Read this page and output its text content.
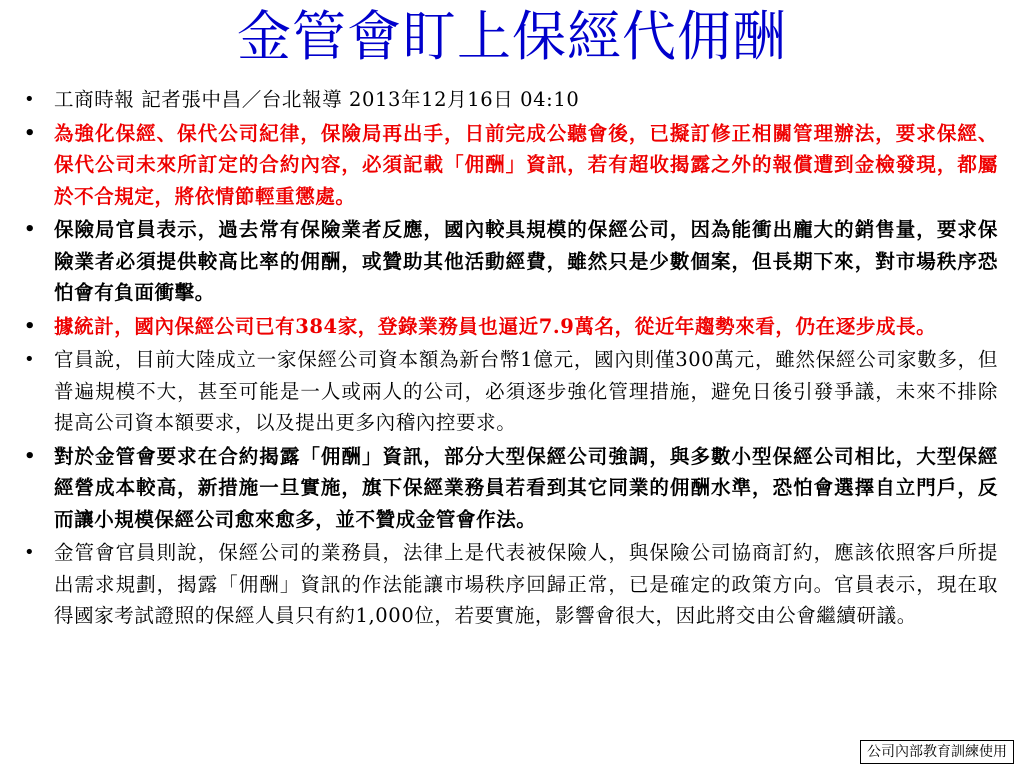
金管會盯上保經代佣酬
• 工商時報 記者張中昌／台北報導 2013年12月16日 04:10
• 為強化保經、保代公司紀律，保險局再出手，日前完成公聽會後，已擬訂修正相關管理辦法，要求保經、保代公司未來所訂定的合約內容，必須記載「佣酬」資訊，若有超收揭露之外的報償遭到金檢發現，都屬於不合規定，將依情節輕重懲處。
• 保險局官員表示，過去常有保險業者反應，國內較具規模的保經公司，因為能衝出龐大的銷售量，要求保險業者必須提供較高比率的佣酬，或贊助其他活動經費，雖然只是少數個案，但長期下來，對市場秩序恐怕會有負面衝擊。
• 據統計，國內保經公司已有384家，登錄業務員也逼近7.9萬名，從近年趨勢來看，仍在逐步成長。
• 官員說，目前大陸成立一家保經公司資本額為新台幣1億元，國內則僅300萬元，雖然保經公司家數多，但普遍規模不大，甚至可能是一人或兩人的公司，必須逐步強化管理措施，避免日後引發爭議，未來不排除提高公司資本額要求，以及提出更多內稽內控要求。
• 對於金管會要求在合約揭露「佣酬」資訊，部分大型保經公司強調，與多數小型保經公司相比，大型保經經營成本較高，新措施一旦實施，旗下保經業務員若看到其它同業的佣酬水準，恐怕會選擇自立門戶，反而讓小規模保經公司愈來愈多，並不贊成金管會作法。
• 金管會官員則說，保經公司的業務員，法律上是代表被保險人，與保險公司協商訂約，應該依照客戶所提出需求規劃，揭露「佣酬」資訊的作法能讓市場秩序回歸正常，已是確定的政策方向。官員表示，現在取得國家考試證照的保經人員只有約1,000位，若要實施，影響會很大，因此將交由公會繼續研議。
公司內部教育訓練使用
